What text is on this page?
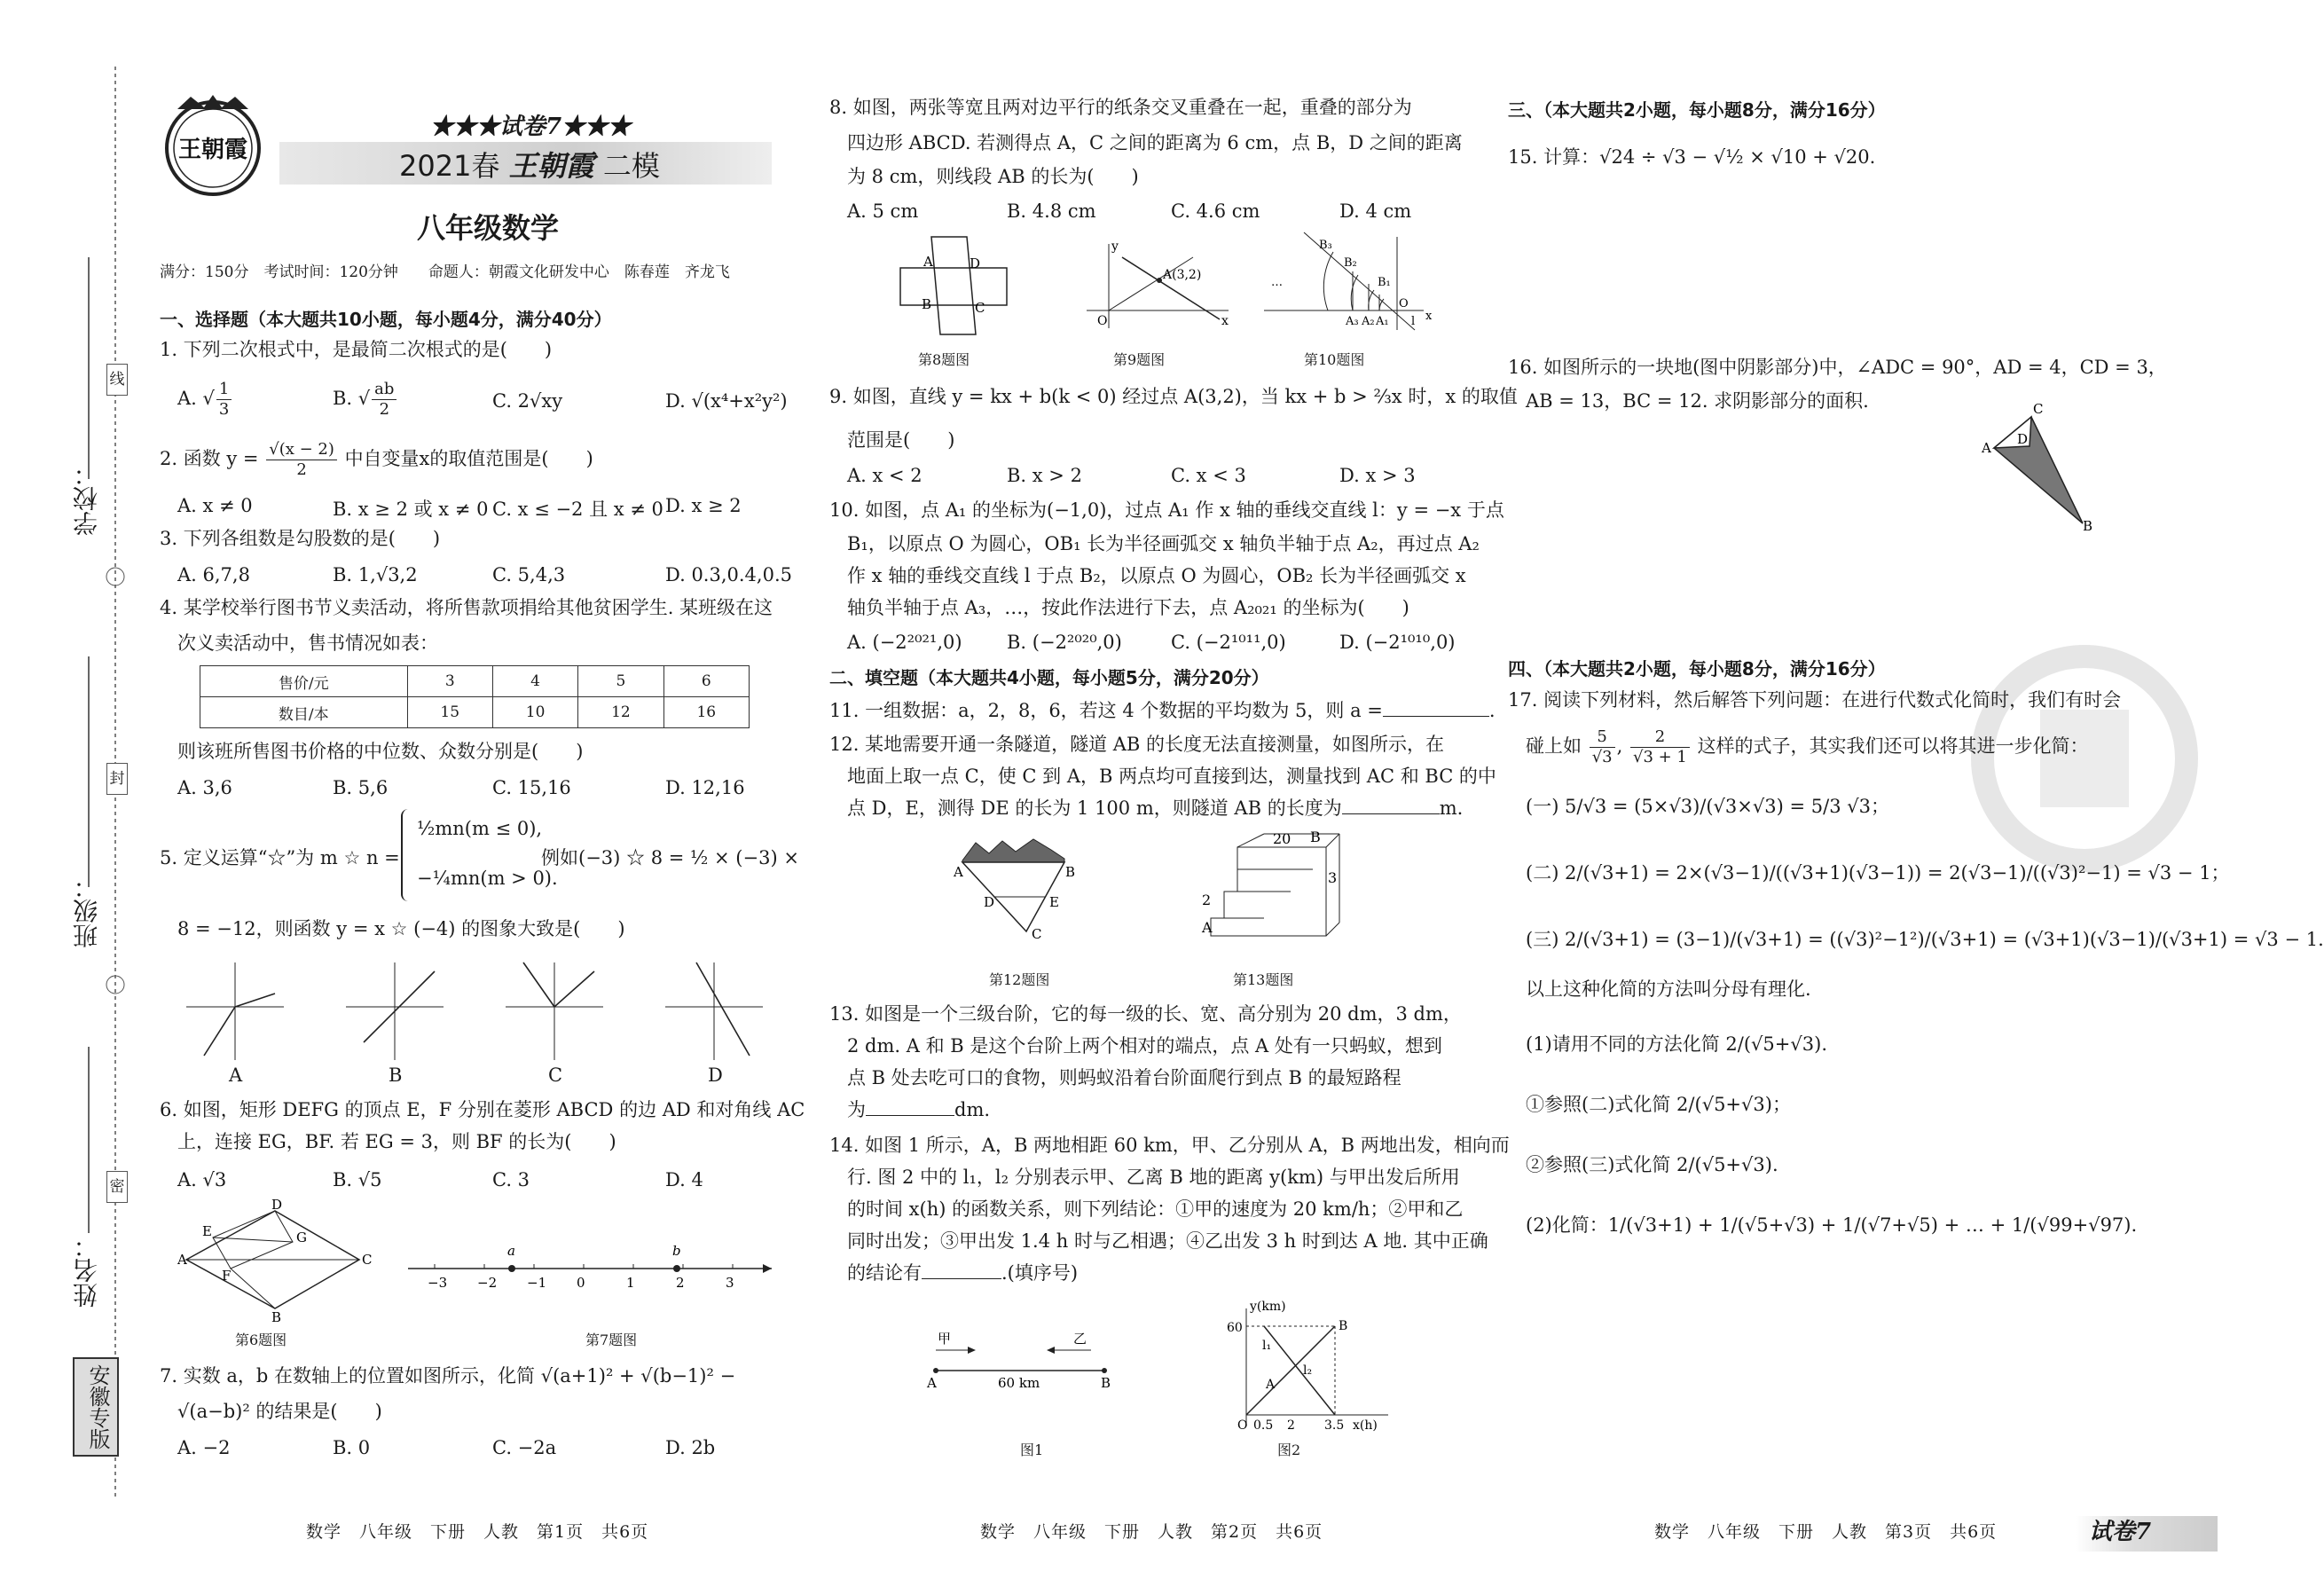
学校：
班级：
姓名：
线
封
密
安徽专版
王朝霞
★★★试卷7★★★
2021春 王朝霞 二模
八年级数学
满分：150分　考试时间：120分钟　　命题人：朝霞文化研发中心　陈春莲　齐龙飞
一、选择题（本大题共10小题，每小题4分，满分40分）
1. 下列二次根式中，是最简二次根式的是(　　)
A. √ $\frac{1}{3}$	B. √ $\frac{ab}{2}$	C. 2√xy	D. √(x⁴+x²y²)
2. 函数 $y = \frac{√(x - 2)}{2}$ 中自变量x的取值范围是(　　)
A. x ≠ 0	B. x ≥ 2 或 x ≠ 0 C. x ≤ −2 且 x ≠ 0 D. x ≥ 2
3. 下列各组数是勾股数的是(　　)
A. 6,7,8	B. 1,√3,2	C. 5,4,3	D. 0.3,0.4,0.5
4. 某学校举行图书节义卖活动，将所售款项捐给其他贫困学生. 某班级在这
次义卖活动中，售书情况如表：
售价/元	3	4	5	6
数目/本	15	10	12	16
则该班所售图书价格的中位数、众数分别是(　　)
A. 3,6	B. 5,6	C. 15,16	D. 12,16
5. 定义运算“☆”为 m ☆ n =
½mn(m ≤ 0),
−¼mn(m > 0).
例如(−3) ☆ 8 = ½ × (−3) ×
8 = −12，则函数 y = x ☆ (−4) 的图象大致是(　　)
A	B	C	D
6. 如图，矩形 DEFG 的顶点 E，F 分别在菱形 ABCD 的边 AD 和对角线 AC
上，连接 EG，BF. 若 EG = 3，则 BF 的长为(　　)
A. √3	B. √5	C. 3	D. 4
A
D
C
B
E
F
G
第6题图
−3 −2 −1 0	1	2	3
a	b
第7题图
7. 实数 a，b 在数轴上的位置如图所示，化简 √(a+1)² + √(b−1)² −
√(a−b)² 的结果是(　　)
A. −2	B. 0	C. −2a	D. 2b
数学　八年级　下册　人教　第1页　共6页
8. 如图，两张等宽且两对边平行的纸条交叉重叠在一起，重叠的部分为
四边形 ABCD. 若测得点 A，C 之间的距离为 6 cm，点 B，D 之间的距离
为 8 cm，则线段 AB 的长为(　　)
A. 5 cm	B. 4.8 cm	C. 4.6 cm	D. 4 cm
A	D
B	C
A(3,2)
O	x
y	B₃
B₂
B₁
A₃ A₂ A₁ l
…
O
x
第8题图	第9题图	第10题图
9. 如图，直线 y = kx + b(k < 0) 经过点 A(3,2)，当 kx + b > ⅔x 时，x 的取值
范围是(　　)
A. x < 2	B. x > 2	C. x < 3	D. x > 3
10. 如图，点 A₁ 的坐标为(−1,0)，过点 A₁ 作 x 轴的垂线交直线 l：y = −x 于点
B₁，以原点 O 为圆心，OB₁ 长为半径画弧交 x 轴负半轴于点 A₂，再过点 A₂
作 x 轴的垂线交直线 l 于点 B₂，以原点 O 为圆心，OB₂ 长为半径画弧交 x
轴负半轴于点 A₃，…，按此作法进行下去，点 A₂₀₂₁ 的坐标为(　　)
A. (−2²⁰²¹,0) B. (−2²⁰²⁰,0)	C. (−2¹⁰¹¹,0)	D. (−2¹⁰¹⁰,0)
二、填空题（本大题共4小题，每小题5分，满分20分）
11. 一组数据：a，2，8，6，若这 4 个数据的平均数为 5，则 a =	.
12. 某地需要开通一条隧道，隧道 AB 的长度无法直接测量，如图所示，在
地面上取一点 C，使 C 到 A，B 两点均可直接到达，测量找到 AC 和 BC 的中
点 D，E，测得 DE 的长为 1 100 m，则隧道 AB 的长度为	m.
A	B
D	E
C
20
3
2
A
B
第12题图	第13题图
13. 如图是一个三级台阶，它的每一级的长、宽、高分别为 20 dm，3 dm，
2 dm. A 和 B 是这个台阶上两个相对的端点，点 A 处有一只蚂蚁，想到
点 B 处去吃可口的食物，则蚂蚁沿着台阶面爬行到点 B 的最短路程
为	dm.
14. 如图 1 所示，A，B 两地相距 60 km，甲、乙分别从 A，B 两地出发，相向而
行. 图 2 中的 l₁，l₂ 分别表示甲、乙离 B 地的距离 y(km) 与甲出发后所用
的时间 x(h) 的函数关系，则下列结论：①甲的速度为 20 km/h；②甲和乙
同时出发；③甲出发 1.4 h 时与乙相遇；④乙出发 3 h 时到达 A 地. 其中正确
的结论有	.(填序号)
甲	乙
A	B
60 km
y(km)
60	B
A
l₁
l₂
O 0.5 2 3.5 x(h)
图1	图2
数学　八年级　下册　人教　第2页　共6页
三、（本大题共2小题，每小题8分，满分16分）
15. 计算：√24 ÷ √3 − √½ × √10 + √20.
16. 如图所示的一块地(图中阴影部分)中，∠ADC = 90°，AD = 4，CD = 3，
AB = 13，BC = 12. 求阴影部分的面积.
A
C
D
B
四、（本大题共2小题，每小题8分，满分16分）
17. 阅读下列材料，然后解答下列问题：在进行代数式化简时，我们有时会
碰上如 $\frac{5}{√3}$ , $\frac{2}{√3 + 1}$ 这样的式子，其实我们还可以将其进一步化简：
(一) 5/√3 = (5×√3)/(√3×√3) = 5/3 √3；
(二) 2/(√3+1) = 2×(√3−1)/((√3+1)(√3−1)) = 2(√3−1)/((√3)²−1) = √3 − 1；
(三) 2/(√3+1) = (3−1)/(√3+1) = ((√3)²−1²)/(√3+1) = (√3+1)(√3−1)/(√3+1) = √3 − 1.
以上这种化简的方法叫分母有理化.
(1)请用不同的方法化简 2/(√5+√3).
①参照(二)式化简 2/(√5+√3)；
②参照(三)式化简 2/(√5+√3).
(2)化简：1/(√3+1) + 1/(√5+√3) + 1/(√7+√5) + … + 1/(√99+√97).
数学　八年级　下册　人教　第3页　共6页	试卷7
